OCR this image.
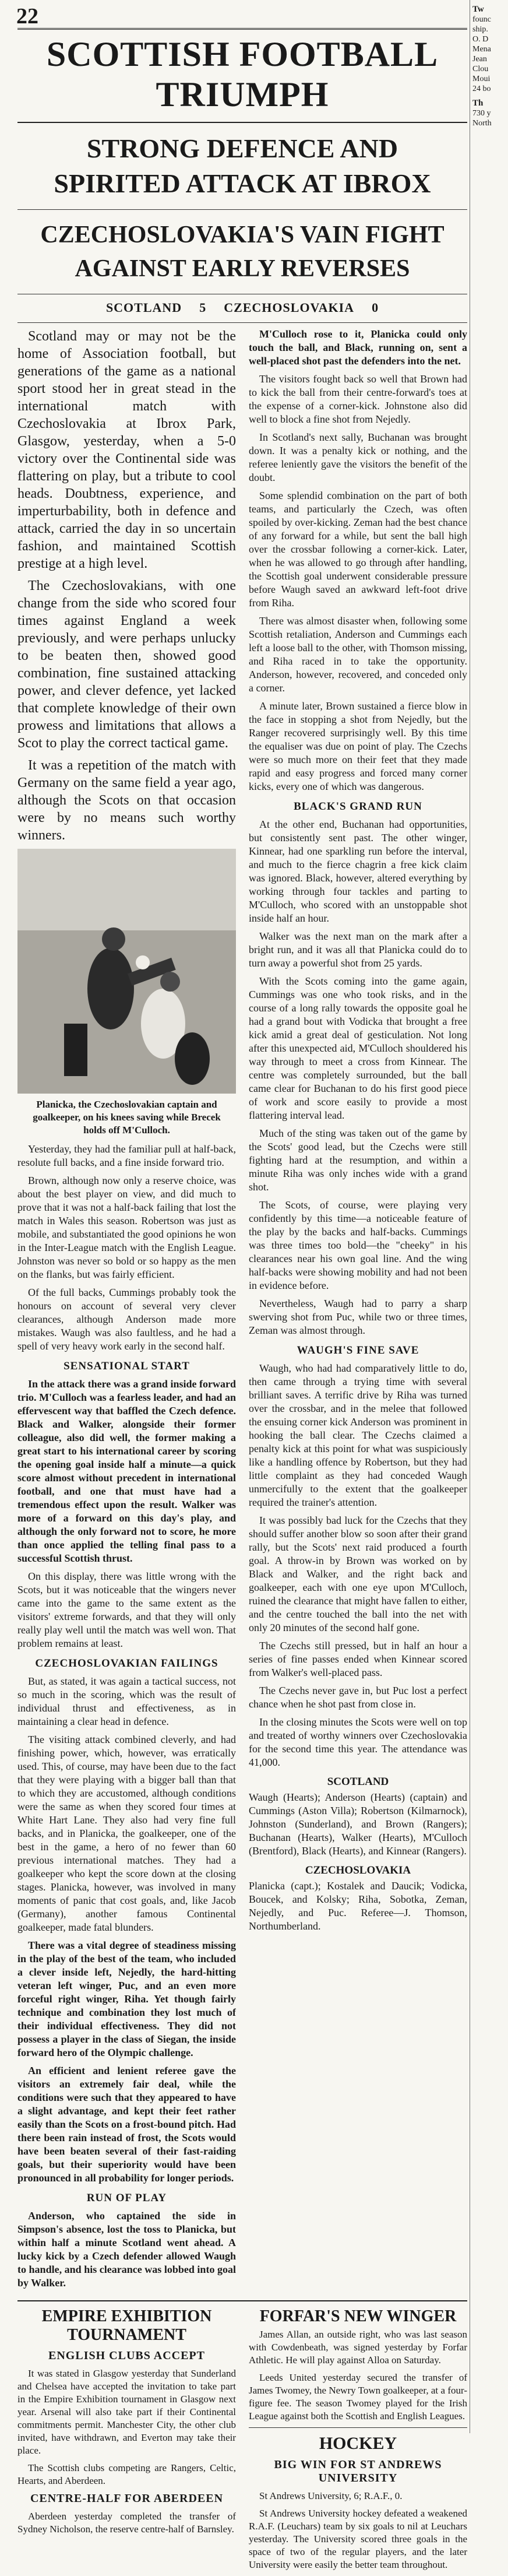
22
SCOTTISH FOOTBALL TRIUMPH
STRONG DEFENCE AND SPIRITED ATTACK AT IBROX
CZECHOSLOVAKIA'S VAIN FIGHT AGAINST EARLY REVERSES
SCOTLAND 5 CZECHOSLOVAKIA 0

Scotland may or may not be the home of Association football, but generations of the game as a national sport stood her in great stead in the international match with Czechoslovakia at Ibrox Park, Glasgow, yesterday, when a 5-0 victory over the Continental side was flattering on play, but a tribute to cool heads. Doubtness, experience, and imperturbability, both in defence and attack, carried the day in so uncertain fashion, and maintained Scottish prestige at a high level.

The Czechoslovakians, with one change from the side who scored four times against England a week previously, and were perhaps unlucky to be beaten then, showed good combination, fine sustained attacking power, and clever defence, yet lacked that complete knowledge of their own prowess and limitations that allows a Scot to play the correct tactical game.

It was a repetition of the match with Germany on the same field a year ago, although the Scots on that occasion were by no means such worthy winners.

Planicka, the Czechoslovakian captain and goalkeeper, on his knees saving while Brecek holds off M'Culloch.

Yesterday, they had the familiar pull at half-back, resolute full backs, and a fine inside forward trio.

Brown, although now only a reserve choice, was about the best player on view, and did much to prove that it was not a half-back failing that lost the match in Wales this season. Robertson was just as mobile, and substantiated the good opinions he won in the Inter-League match with the English League. Johnston was never so bold or so happy as the men on the flanks, but was fairly efficient.

Of the full backs, Cummings probably took the honours on account of several very clever clearances, although Anderson made more mistakes. Waugh was also faultless, and he had a spell of very heavy work early in the second half.

SENSATIONAL START

In the attack there was a grand inside forward trio. M'Culloch was a fearless leader, and had an effervescent way that baffled the Czech defence. Black and Walker, alongside their former colleague, also did well, the former making a great start to his international career by scoring the opening goal inside half a minute—a quick score almost without precedent in international football, and one that must have had a tremendous effect upon the result. Walker was more of a forward on this day's play, and although the only forward not to score, he more than once applied the telling final pass to a successful Scottish thrust.

On this display, there was little wrong with the Scots, but it was noticeable that the wingers never came into the game to the same extent as the visitors' extreme forwards, and that they will only really play well until the match was well won. That problem remains at least.

CZECHOSLOVAKIAN FAILINGS

But, as stated, it was again a tactical success, not so much in the scoring, which was the result of individual thrust and effectiveness, as in maintaining a clear head in defence.

The visiting attack combined cleverly, and had finishing power, which, however, was erratically used. This, of course, may have been due to the fact that they were playing with a bigger ball than that to which they are accustomed, although conditions were the same as when they scored four times at White Hart Lane. They also had very fine full backs, and in Planicka, the goalkeeper, one of the best in the game, a hero of no fewer than 60 previous international matches. They had a goalkeeper who kept the score down at the closing stages. Planicka, however, was involved in many moments of panic that cost goals, and, like Jacob (Germany), another famous Continental goalkeeper, made fatal blunders.

There was a vital degree of steadiness missing in the play of the best of the team, who included a clever inside left, Nejedly, the hard-hitting veteran left winger, Puc, and an even more forceful right winger, Riha. Yet though fairly technique and combination they lost much of their individual effectiveness. They did not possess a player in the class of Siegan, the inside forward hero of the Olympic challenge.

An efficient and lenient referee gave the visitors an extremely fair deal, while the conditions were such that they appeared to have a slight advantage, and kept their feet rather easily than the Scots on a frost-bound pitch. Had there been rain instead of frost, the Scots would have been beaten several of their fast-raiding goals, but their superiority would have been pronounced in all probability for longer periods.

RUN OF PLAY

Anderson, who captained the side in Simpson's absence, lost the toss to Planicka, but within half a minute Scotland went ahead. A lucky kick by a Czech defender allowed Waugh to handle, and his clearance was lobbed into goal by Walker.

M'Culloch rose to it, Planicka could only touch the ball, and Black, running on, sent a well-placed shot past the defenders into the net.

The visitors fought back so well that Brown had to kick the ball from their centre-forward's toes at the expense of a corner-kick. Johnstone also did well to block a fine shot from Nejedly.

In Scotland's next sally, Buchanan was brought down. It was a penalty kick or nothing, and the referee leniently gave the visitors the benefit of the doubt.

Some splendid combination on the part of both teams, and particularly the Czech, was often spoiled by over-kicking. Zeman had the best chance of any forward for a while, but sent the ball high over the crossbar following a corner-kick. Later, when he was allowed to go through after handling, the Scottish goal underwent considerable pressure before Waugh saved an awkward left-foot drive from Riha.

There was almost disaster when, following some Scottish retaliation, Anderson and Cummings each left a loose ball to the other, with Thomson missing, and Riha raced in to take the opportunity. Anderson, however, recovered, and conceded only a corner.

A minute later, Brown sustained a fierce blow in the face in stopping a shot from Nejedly, but the Ranger recovered surprisingly well. By this time the equaliser was due on point of play. The Czechs were so much more on their feet that they made rapid and easy progress and forced many corner kicks, every one of which was dangerous.

BLACK'S GRAND RUN

At the other end, Buchanan had opportunities, but consistently sent past. The other winger, Kinnear, had one sparkling run before the interval, and much to the fierce chagrin a free kick claim was ignored. Black, however, altered everything by working through four tackles and parting to M'Culloch, who scored with an unstoppable shot inside half an hour.

Walker was the next man on the mark after a bright run, and it was all that Planicka could do to turn away a powerful shot from 25 yards.

With the Scots coming into the game again, Cummings was one who took risks, and in the course of a long rally towards the opposite goal he had a grand bout with Vodicka that brought a free kick amid a great deal of gesticulation. Not long after this unexpected aid, M'Culloch shouldered his way through to meet a cross from Kinnear. The centre was completely surrounded, but the ball came clear for Buchanan to do his first good piece of work and score easily to provide a most flattering interval lead.

Much of the sting was taken out of the game by the Scots' good lead, but the Czechs were still fighting hard at the resumption, and within a minute Riha was only inches wide with a grand shot.

The Scots, of course, were playing very confidently by this time—a noticeable feature of the play by the backs and half-backs. Cummings was three times too bold—the "cheeky" in his clearances near his own goal line. And the wing half-backs were showing mobility and had not been in evidence before.

Nevertheless, Waugh had to parry a sharp swerving shot from Puc, while two or three times, Zeman was almost through.

WAUGH'S FINE SAVE

Waugh, who had had comparatively little to do, then came through a trying time with several brilliant saves. A terrific drive by Riha was turned over the crossbar, and in the melee that followed the ensuing corner kick Anderson was prominent in hooking the ball clear. The Czechs claimed a penalty kick at this point for what was suspiciously like a handling offence by Robertson, but they had little complaint as they had conceded Waugh unmercifully to the extent that the goalkeeper required the trainer's attention.

It was possibly bad luck for the Czechs that they should suffer another blow so soon after their grand rally, but the Scots' next raid produced a fourth goal. A throw-in by Brown was worked on by Black and Walker, and the right back and goalkeeper, each with one eye upon M'Culloch, ruined the clearance that might have fallen to either, and the centre touched the ball into the net with only 20 minutes of the second half gone.

The Czechs still pressed, but in half an hour a series of fine passes ended when Kinnear scored from Walker's well-placed pass.

The Czechs never gave in, but Puc lost a perfect chance when he shot past from close in.

In the closing minutes the Scots were well on top and treated of worthy winners over Czechoslovakia for the second time this year. The attendance was 41,000.

SCOTLAND

Waugh (Hearts); Anderson (Hearts) (captain) and Cummings (Aston Villa); Robertson (Kilmarnock), Johnston (Sunderland), and Brown (Rangers); Buchanan (Hearts), Walker (Hearts), M'Culloch (Brentford), Black (Hearts), and Kinnear (Rangers).

CZECHOSLOVAKIA

Planicka (capt.); Kostalek and Daucik; Vodicka, Boucek, and Kolsky; Riha, Sobotka, Zeman, Nejedly, and Puc. Referee—J. Thomson, Northumberland.

EMPIRE EXHIBITION TOURNAMENT
ENGLISH CLUBS ACCEPT

It was stated in Glasgow yesterday that Sunderland and Chelsea have accepted the invitation to take part in the Empire Exhibition tournament in Glasgow next year. Arsenal will also take part if their Continental commitments permit. Manchester City, the other club invited, have withdrawn, and Everton may take their place.

The Scottish clubs competing are Rangers, Celtic, Hearts, and Aberdeen.

CENTRE-HALF FOR ABERDEEN

Aberdeen yesterday completed the transfer of Sydney Nicholson, the reserve centre-half of Barnsley.

FORFAR'S NEW WINGER

James Allan, an outside right, who was last season with Cowdenbeath, was signed yesterday by Forfar Athletic. He will play against Alloa on Saturday.

Leeds United yesterday secured the transfer of James Twomey, the Newry Town goalkeeper, at a four-figure fee. The season Twomey played for the Irish League against both the Scottish and English Leagues.

HOCKEY
BIG WIN FOR ST ANDREWS UNIVERSITY

St Andrews University, 6; R.A.F., 0.

St Andrews University hockey defeated a weakened R.A.F. (Leuchars) team by six goals to nil at Leuchars yesterday. The University scored three goals in the space of two of the regular players, and the later University were easily the better team throughout.

Tw

founc

ship.

O. D

Mena

Jean

Clou

Moui

24 bo

Th

730 y

North
